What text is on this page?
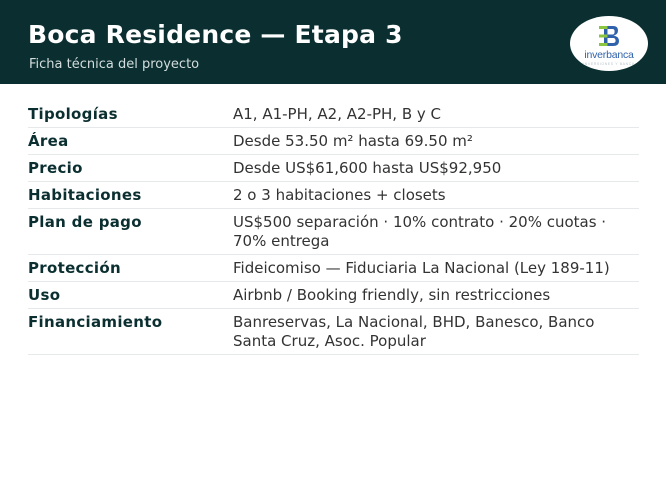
Boca Residence — Etapa 3
Ficha técnica del proyecto
inverbanca
INVERSIONES Y BANCA
Tipologías	A1, A1-PH, A2, A2-PH, B y C
Área	Desde 53.50 m² hasta 69.50 m²
Precio	Desde US$61,600 hasta US$92,950
Habitaciones	2 o 3 habitaciones + closets
Plan de pago	US$500 separación · 10% contrato · 20% cuotas · 70% entrega
Protección	Fideicomiso — Fiduciaria La Nacional (Ley 189-11)
Uso	Airbnb / Booking friendly, sin restricciones
Financiamiento	Banreservas, La Nacional, BHD, Banesco, Banco Santa Cruz, Asoc. Popular
